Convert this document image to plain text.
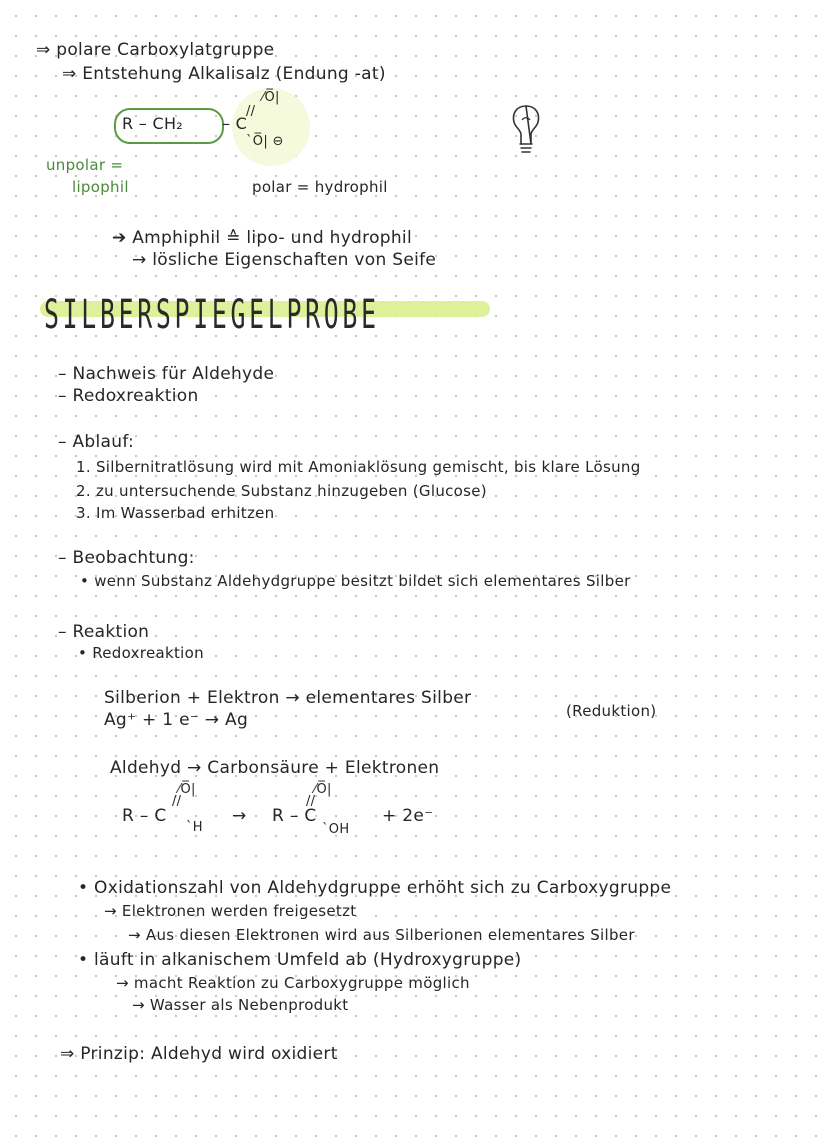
⇒ polare Carboxylatgruppe
⇒ Entstehung Alkalisalz (Endung -at)
R – CH₂ – C
⁄O̅|
//
`O̅| ⊖
unpolar =
lipophil	polar = hydrophil
➔ Amphiphil ≙ lipo- und hydrophil
→ lösliche Eigenschaften von Seife
SILBERSPIEGELPROBE
– Nachweis für Aldehyde
– Redoxreaktion
– Ablauf:
1. Silbernitratlösung wird mit Amoniaklösung gemischt, bis klare Lösung
2. zu untersuchende Substanz hinzugeben (Glucose)
3. Im Wasserbad erhitzen
– Beobachtung:
• wenn Substanz Aldehydgruppe besitzt bildet sich elementares Silber
– Reaktion
• Redoxreaktion
Silberion + Elektron → elementares Silber
(Reduktion)
Ag⁺ + 1 e⁻ → Ag
Aldehyd → Carbonsäure + Elektronen
⁄O̅|
//
R – C
`H
→
⁄O̅|
//
R – C
`OH
+ 2e⁻
• Oxidationszahl von Aldehydgruppe erhöht sich zu Carboxygruppe
→ Elektronen werden freigesetzt
→ Aus diesen Elektronen wird aus Silberionen elementares Silber
• läuft in alkanischem Umfeld ab (Hydroxygruppe)
→ macht Reaktion zu Carboxygruppe möglich
→ Wasser als Nebenprodukt
⇒ Prinzip: Aldehyd wird oxidiert
